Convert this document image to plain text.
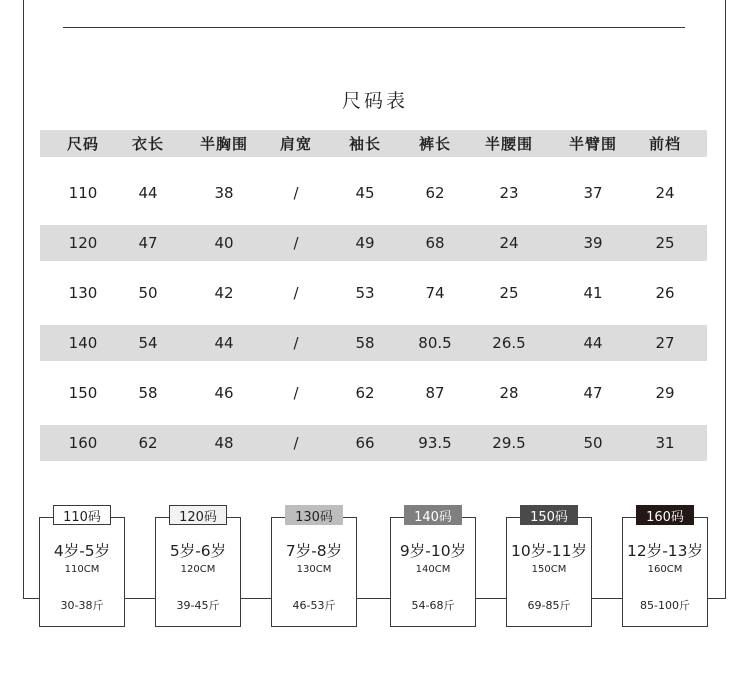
尺码表
尺码	衣长	半胸围	肩宽	袖长	裤长	半腰围	半臂围	前档
110	44	38	/	45	62	23	37	24
120	47	40	/	49	68	24	39	25
130	50	42	/	53	74	25	41	26
140	54	44	/	58	80.5	26.5	44	27
150	58	46	/	62	87	28	47	29
160	62	48	/	66	93.5	29.5	50	31
4岁-5岁
110CM
30-38斤
110码
5岁-6岁
120CM
39-45斤
120码
7岁-8岁
130CM
46-53斤
130码
9岁-10岁
140CM
54-68斤
140码
10岁-11岁
150CM
69-85斤
150码
12岁-13岁
160CM
85-100斤
160码
